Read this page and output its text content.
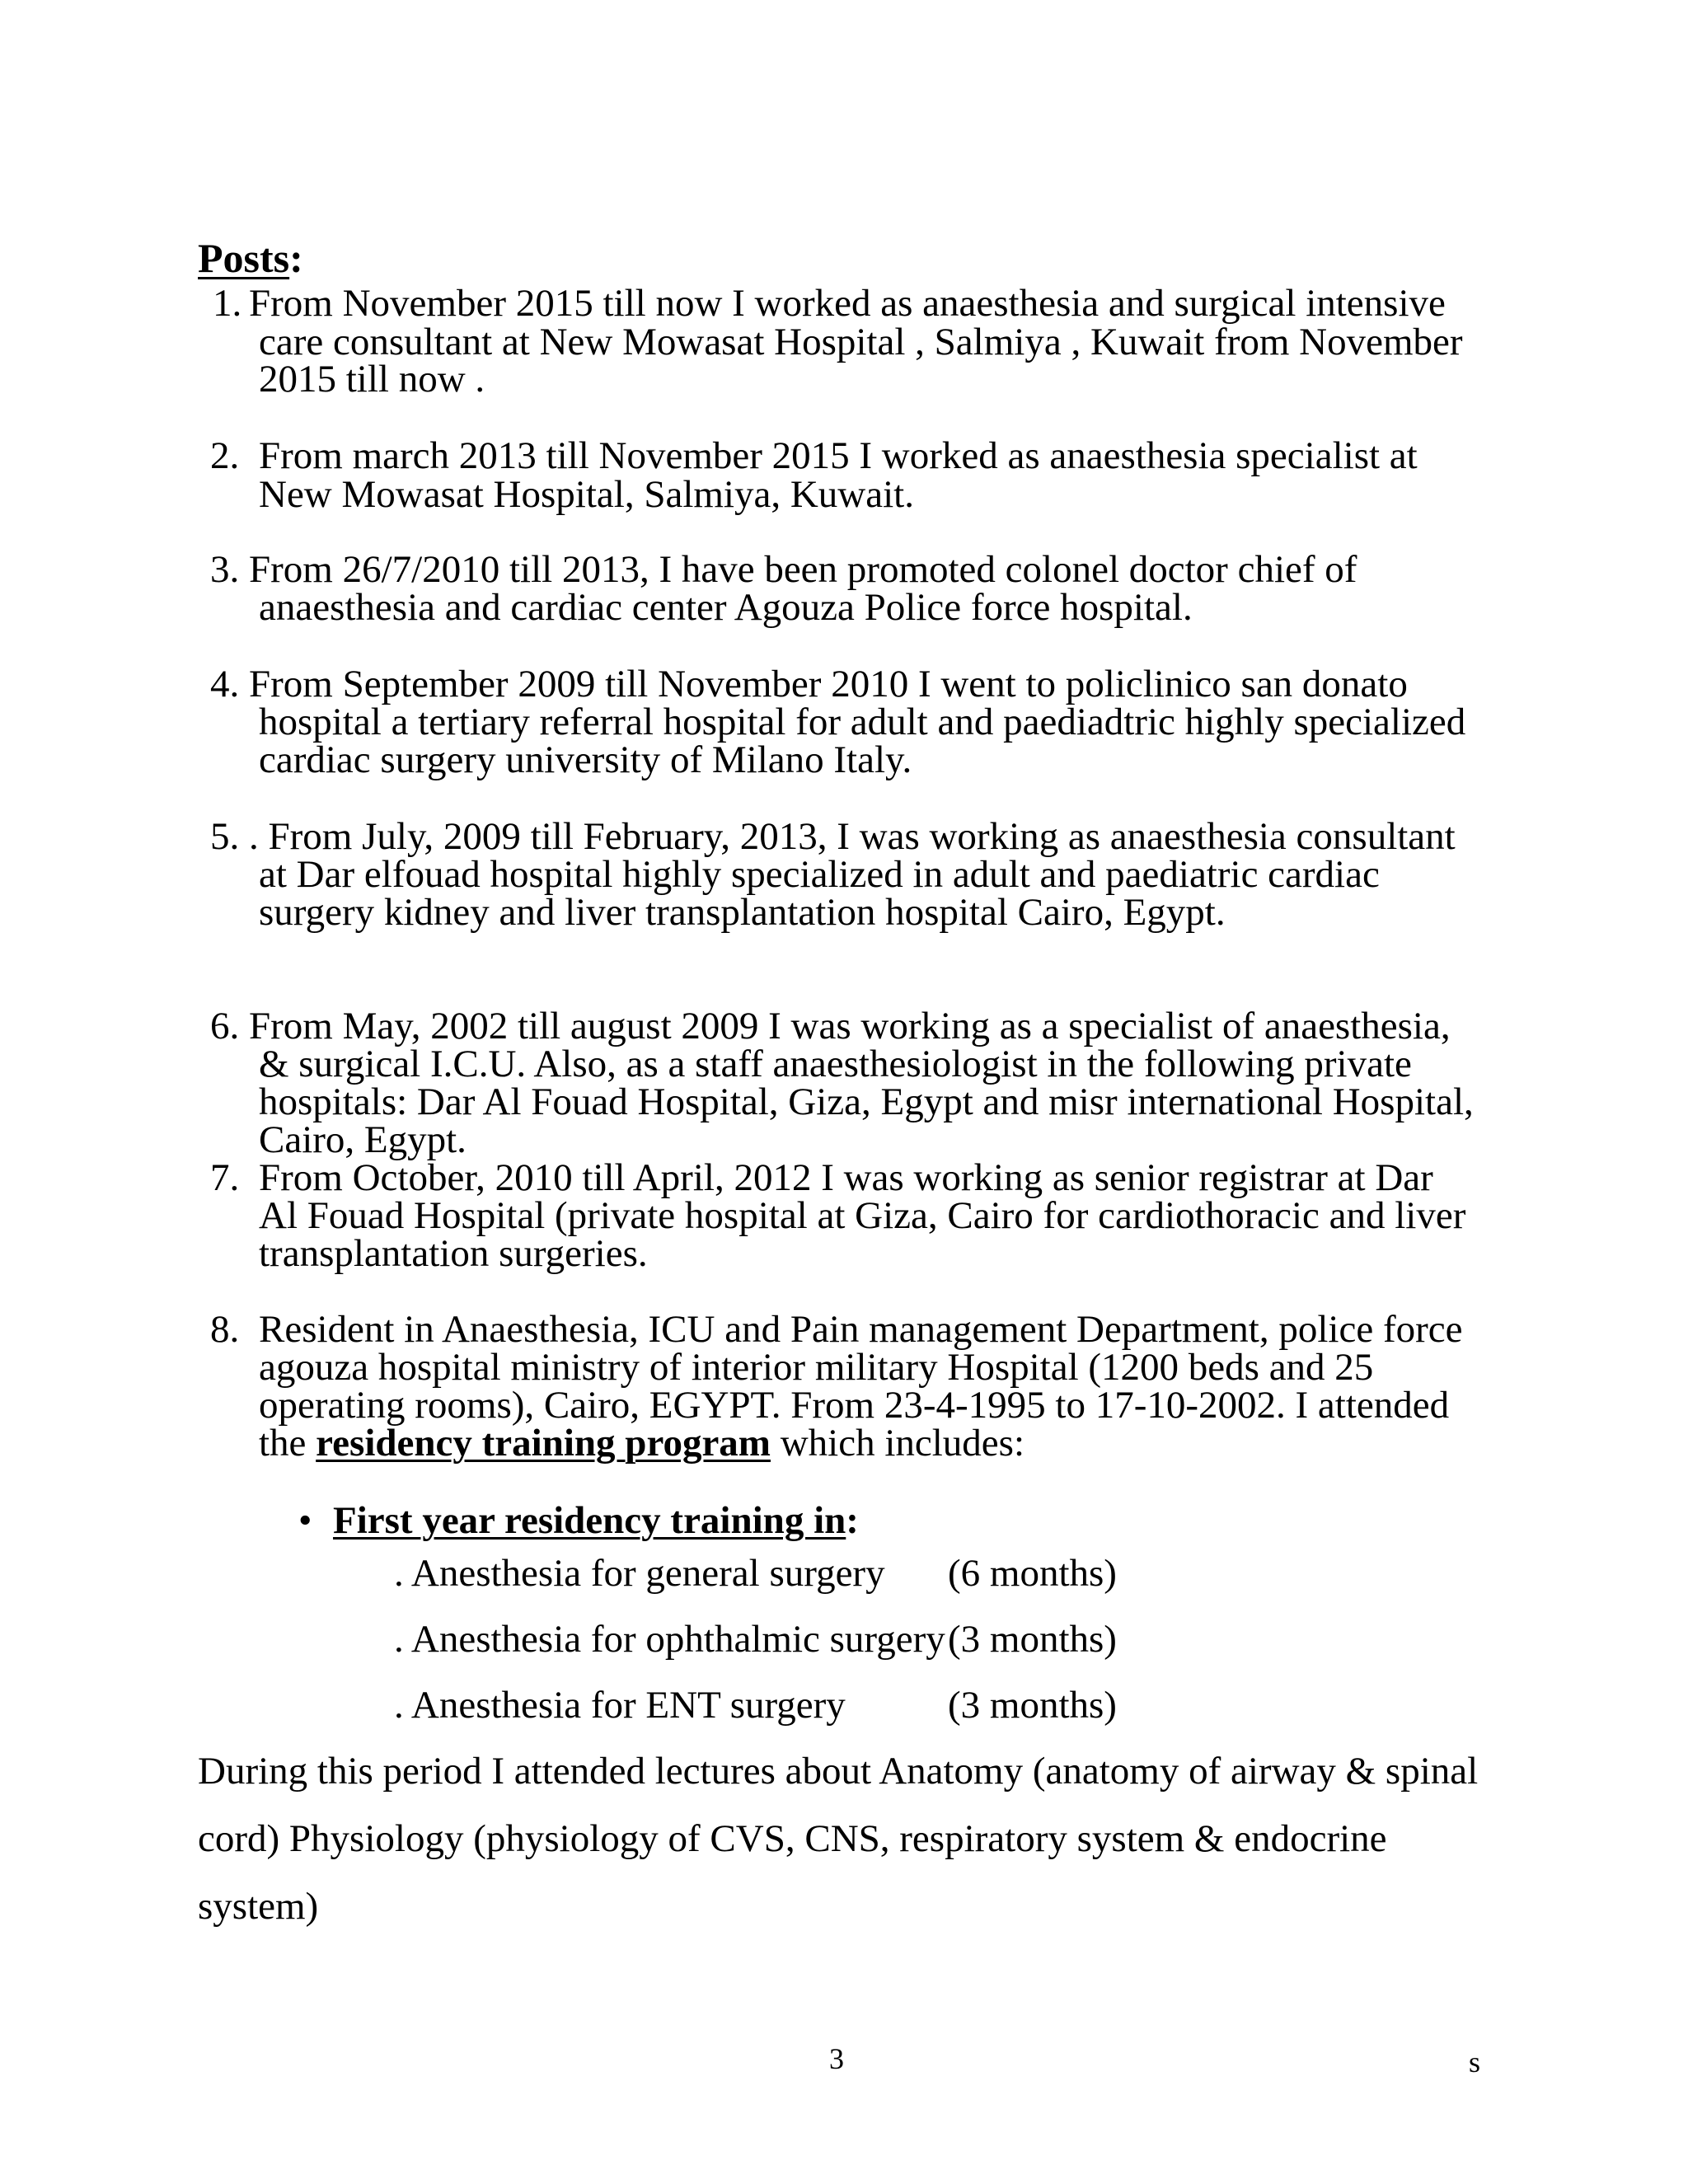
Posts:
1. From November 2015 till now I worked as anaesthesia and surgical intensive
care consultant at New Mowasat Hospital , Salmiya , Kuwait from November
2015 till now .
2. From march 2013 till November 2015 I worked as anaesthesia specialist at
New Mowasat Hospital, Salmiya, Kuwait.
3. From 26/7/2010 till 2013, I have been promoted colonel doctor chief of
anaesthesia and cardiac center Agouza Police force hospital.
4. From September 2009 till November 2010 I went to policlinico san donato
hospital a tertiary referral hospital for adult and paediadtric highly specialized
cardiac surgery university of Milano Italy.
5. . From July, 2009 till February, 2013, I was working as anaesthesia consultant
at Dar elfouad hospital highly specialized in adult and paediatric cardiac
surgery kidney and liver transplantation hospital Cairo, Egypt.
6. From May, 2002 till august 2009 I was working as a specialist of anaesthesia,
& surgical I.C.U. Also, as a staff anaesthesiologist in the following private
hospitals: Dar Al Fouad Hospital, Giza, Egypt and misr international Hospital,
Cairo, Egypt.
7. From October, 2010 till April, 2012 I was working as senior registrar at Dar
Al Fouad Hospital (private hospital at Giza, Cairo for cardiothoracic and liver
transplantation surgeries.
8. Resident in Anaesthesia, ICU and Pain management Department, police force
agouza hospital ministry of interior military Hospital (1200 beds and 25
operating rooms), Cairo, EGYPT. From 23-4-1995 to 17-10-2002. I attended
the residency training program which includes:
• First year residency training in:
. Anesthesia for general surgery (6 months)
. Anesthesia for ophthalmic surgery (3 months)
. Anesthesia for ENT surgery	(3 months)
During this period I attended lectures about Anatomy (anatomy of airway & spinal
cord) Physiology (physiology of CVS, CNS, respiratory system & endocrine
system)
3	s
